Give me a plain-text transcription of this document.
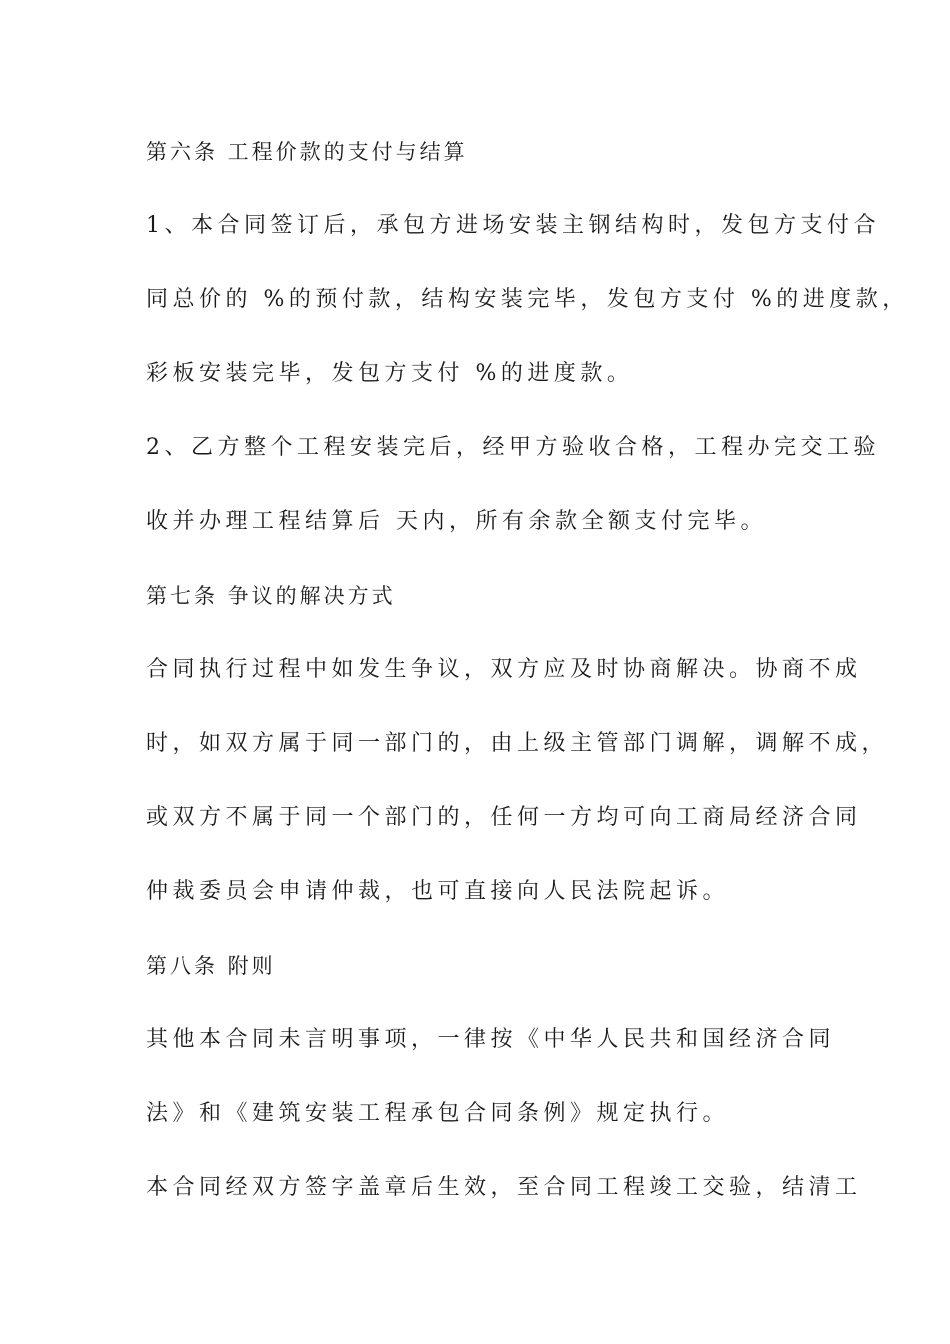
第六条 工程价款的支付与结算
1、本合同签订后，承包方进场安装主钢结构时，发包方支付合
同总价的 %的预付款，结构安装完毕，发包方支付 %的进度款，
彩板安装完毕，发包方支付 %的进度款。
2、乙方整个工程安装完后，经甲方验收合格，工程办完交工验
收并办理工程结算后 天内，所有余款全额支付完毕。
第七条 争议的解决方式
合同执行过程中如发生争议，双方应及时协商解决。协商不成
时，如双方属于同一部门的，由上级主管部门调解，调解不成，
或双方不属于同一个部门的，任何一方均可向工商局经济合同
仲裁委员会申请仲裁，也可直接向人民法院起诉。
第八条 附则
其他本合同未言明事项，一律按《中华人民共和国经济合同
法》和《建筑安装工程承包合同条例》规定执行。
本合同经双方签字盖章后生效，至合同工程竣工交验，结清工
